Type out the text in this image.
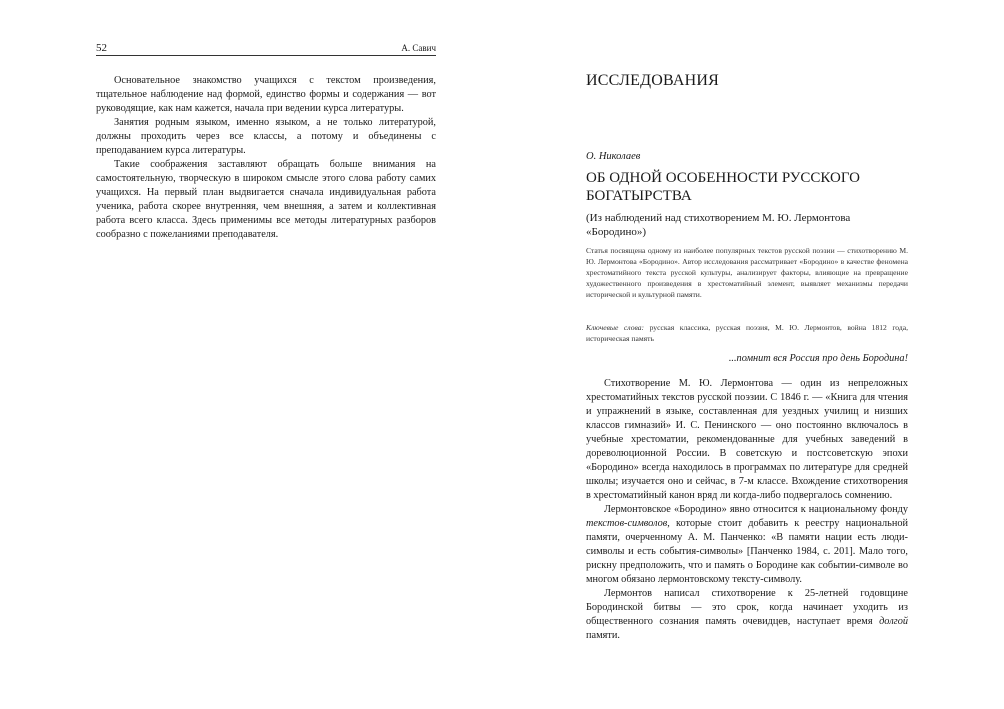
52	А. Савич

Основательное знакомство учащихся с текстом произведения, тщательное наблюдение над формой, единство формы и содержания — вот руководящие, как нам кажется, начала при ведении курса литературы.

Занятия родным языком, именно языком, а не только литературой, должны проходить через все классы, а потому и объединены с преподаванием курса литературы.

Такие соображения заставляют обращать больше внимания на самостоятельную, творческую в широком смысле этого слова работу самих учащихся. На первый план выдвигается сначала индивидуальная работа ученика, работа скорее внутренняя, чем внешняя, а затем и коллективная работа всего класса. Здесь применимы все методы литературных разборов сообразно с пожеланиями преподавателя.

ИССЛЕДОВАНИЯ
О. Николаев
ОБ ОДНОЙ ОСОБЕННОСТИ РУССКОГО БОГАТЫРСТВА
(Из наблюдений над стихотворением М. Ю. Лермонтова «Бородино»)
Статья посвящена одному из наиболее популярных текстов русской поэзии — стихотворению М. Ю. Лермонтова «Бородино». Автор исследования рассматривает «Бородино» в качестве феномена хрестоматийного текста русской культуры, анализирует факторы, влияющие на превращение художественного произведения в хрестоматийный элемент, выявляет механизмы передачи исторической и культурной памяти.
Ключевые слова: русская классика, русская поэзия, М. Ю. Лермонтов, война 1812 года, историческая память
...помнит вся Россия про день Бородина!

Стихотворение М. Ю. Лермонтова — один из непреложных хрестоматийных текстов русской поэзии. С 1846 г. — «Книга для чтения и упражнений в языке, составленная для уездных училищ и низших классов гимназий» И. С. Пенинского — оно постоянно включалось в учебные хрестоматии, рекомендованные для учебных заведений в дореволюционной России. В советскую и постсоветскую эпохи «Бородино» всегда находилось в программах по литературе для средней школы; изучается оно и сейчас, в 7-м классе. Вхождение стихотворения в хрестоматийный канон вряд ли когда-либо подвергалось сомнению.

Лермонтовское «Бородино» явно относится к национальному фонду текстов-символов, которые стоит добавить к реестру национальной памяти, очерченному А. М. Панченко: «В памяти нации есть люди-символы и есть события-символы» [Панченко 1984, с. 201]. Мало того, рискну предположить, что и память о Бородине как событии-символе во многом обязано лермонтовскому тексту-символу.

Лермонтов написал стихотворение к 25-летней годовщине Бородинской битвы — это срок, когда начинает уходить из общественного сознания память очевидцев, наступает время долгой памяти.
